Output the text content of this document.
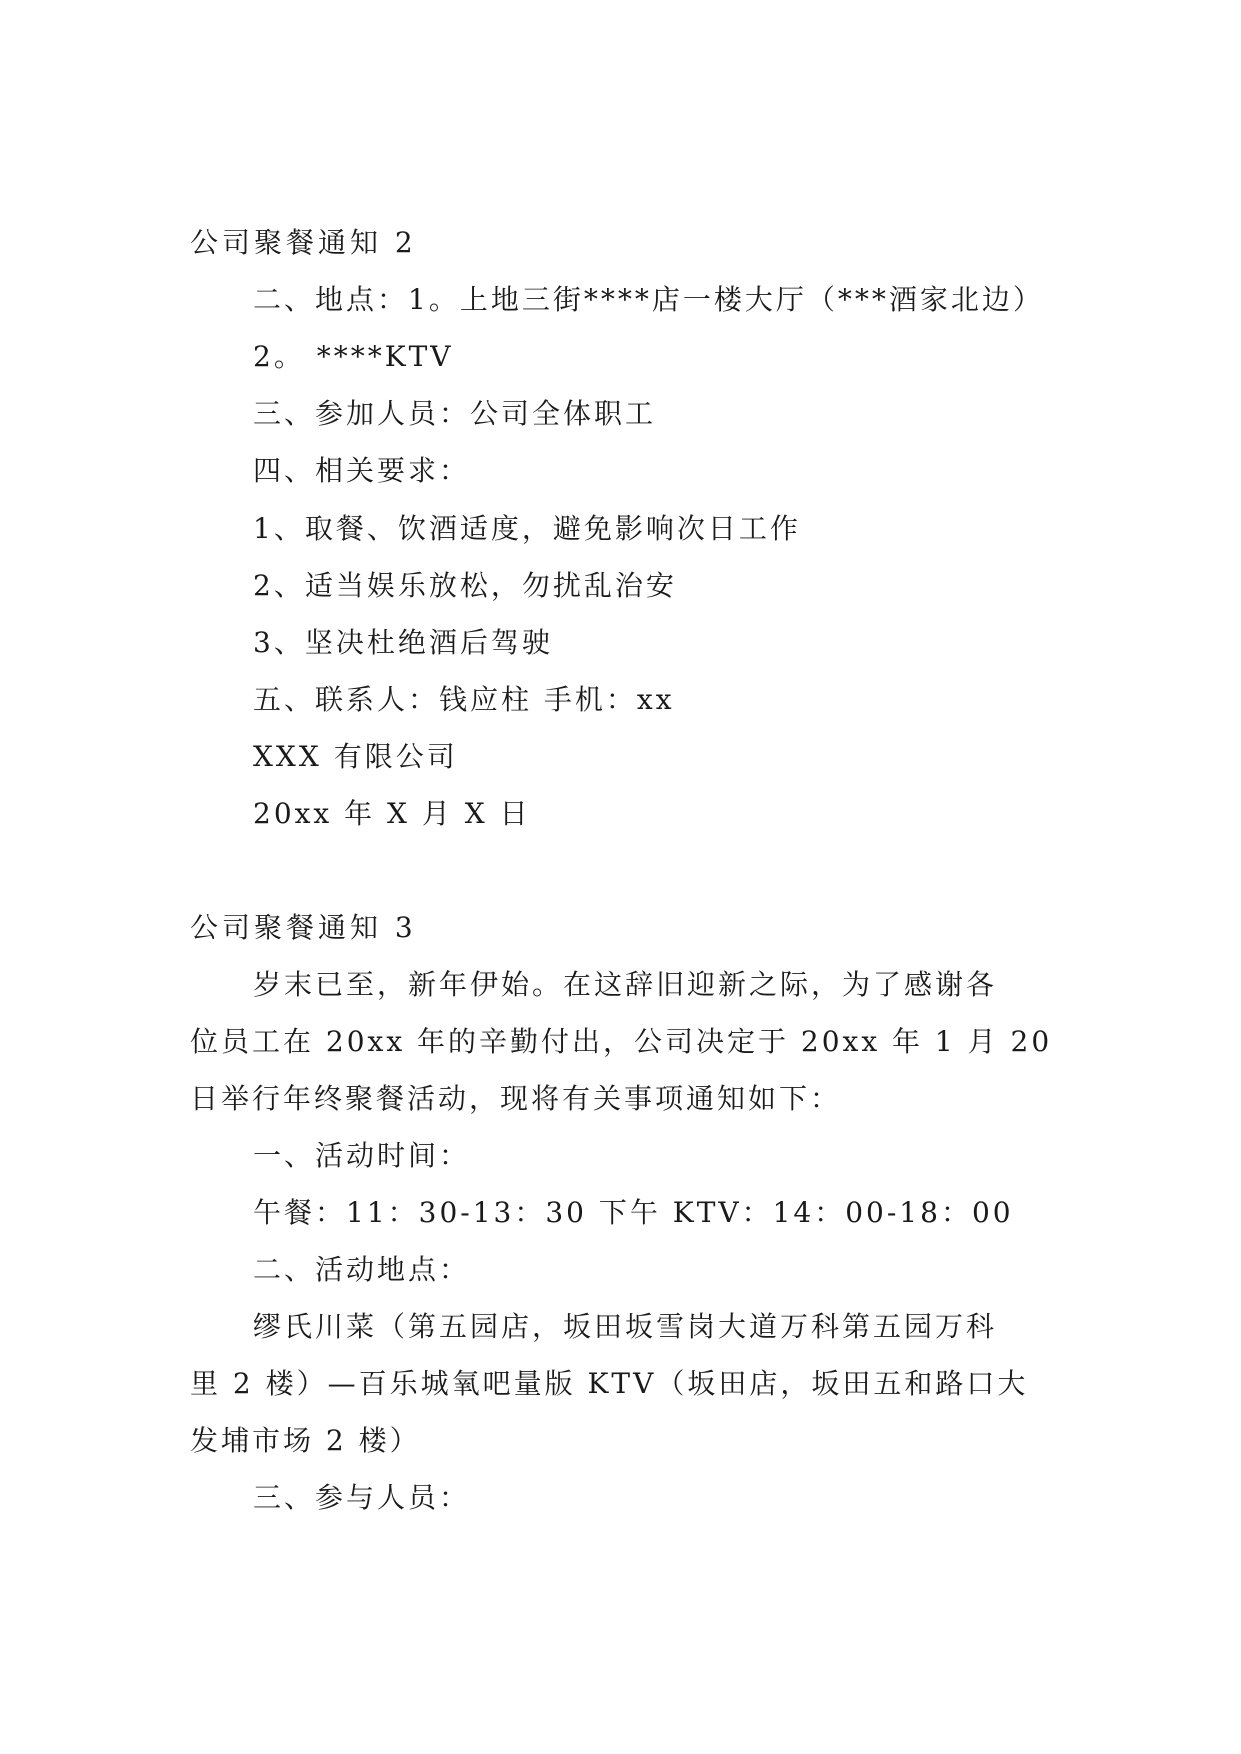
公司聚餐通知 2
二、地点：1。上地三街****店一楼大厅（***酒家北边）
2。 ****KTV
三、参加人员：公司全体职工
四、相关要求：
1、取餐、饮酒适度，避免影响次日工作
2、适当娱乐放松，勿扰乱治安
3、坚决杜绝酒后驾驶
五、联系人：钱应柱 手机：xx
XXX 有限公司
20xx 年 X 月 X 日
公司聚餐通知 3
岁末已至，新年伊始。在这辞旧迎新之际，为了感谢各
位员工在 20xx 年的辛勤付出，公司决定于 20xx 年 1 月 20
日举行年终聚餐活动，现将有关事项通知如下：
一、活动时间：
午餐：11：30-13：30 下午 KTV：14：00-18：00
二、活动地点：
缪氏川菜（第五园店，坂田坂雪岗大道万科第五园万科
里 2 楼）—百乐城氧吧量版 KTV（坂田店，坂田五和路口大
发埔市场 2 楼）
三、参与人员：
